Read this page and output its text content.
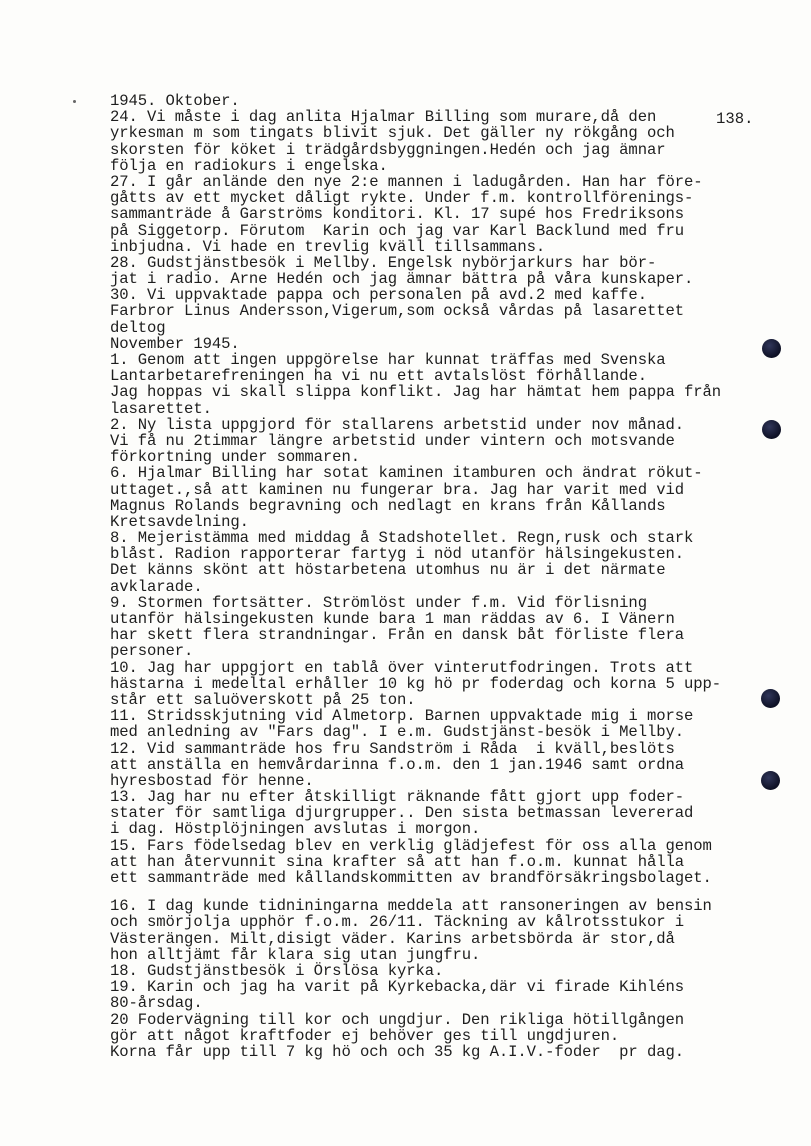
138.
1945. Oktober.
24. Vi måste i dag anlita Hjalmar Billing som murare,då den
yrkesman m som tingats blivit sjuk. Det gäller ny rökgång och
skorsten för köket i trädgårdsbyggningen.Hedén och jag ämnar
följa en radiokurs i engelska.
27. I går anlände den nye 2:e mannen i ladugården. Han har före-
gåtts av ett mycket dåligt rykte. Under f.m. kontrollförenings-
sammanträde å Garströms konditori. Kl. 17 supé hos Fredriksons
på Siggetorp. Förutom  Karin och jag var Karl Backlund med fru
inbjudna. Vi hade en trevlig kväll tillsammans.
28. Gudstjänstbesök i Mellby. Engelsk nybörjarkurs har bör-
jat i radio. Arne Hedén och jag ämnar bättra på våra kunskaper.
30. Vi uppvaktade pappa och personalen på avd.2 med kaffe.
Farbror Linus Andersson,Vigerum,som också vårdas på lasarettet
deltog
November 1945.
1. Genom att ingen uppgörelse har kunnat träffas med Svenska
Lantarbetarefreningen ha vi nu ett avtalslöst förhållande.
Jag hoppas vi skall slippa konflikt. Jag har hämtat hem pappa från
lasarettet.
2. Ny lista uppgjord för stallarens arbetstid under nov månad.
Vi få nu 2timmar längre arbetstid under vintern och motsvande
förkortning under sommaren.
6. Hjalmar Billing har sotat kaminen itamburen och ändrat rökut-
uttaget.,så att kaminen nu fungerar bra. Jag har varit med vid
Magnus Rolands begravning och nedlagt en krans från Kållands
Kretsavdelning.
8. Mejeristämma med middag å Stadshotellet. Regn,rusk och stark
blåst. Radion rapporterar fartyg i nöd utanför hälsingekusten.
Det känns skönt att höstarbetena utomhus nu är i det närmate
avklarade.
9. Stormen fortsätter. Strömlöst under f.m. Vid förlisning
utanför hälsingekusten kunde bara 1 man räddas av 6. I Vänern
har skett flera strandningar. Från en dansk båt förliste flera
personer.
10. Jag har uppgjort en tablå över vinterutfodringen. Trots att
hästarna i medeltal erhåller 10 kg hö pr foderdag och korna 5 upp-
står ett saluöverskott på 25 ton.
11. Stridsskjutning vid Almetorp. Barnen uppvaktade mig i morse
med anledning av "Fars dag". I e.m. Gudstjänst-besök i Mellby.
12. Vid sammanträde hos fru Sandström i Råda  i kväll,beslöts
att anställa en hemvårdarinna f.o.m. den 1 jan.1946 samt ordna
hyresbostad för henne.
13. Jag har nu efter åtskilligt räknande fått gjort upp foder-
stater för samtliga djurgrupper.. Den sista betmassan levererad
i dag. Höstplöjningen avslutas i morgon.
15. Fars födelsedag blev en verklig glädjefest för oss alla genom
att han återvunnit sina krafter så att han f.o.m. kunnat hålla
ett sammanträde med kållandskommitten av brandförsäkringsbolaget.
16. I dag kunde tidniningarna meddela att ransoneringen av bensin
och smörjolja upphör f.o.m. 26/11. Täckning av kålrotsstukor i
Västerängen. Milt,disigt väder. Karins arbetsbörda är stor,då
hon alltjämt får klara sig utan jungfru.
18. Gudstjänstbesök i Örslösa kyrka.
19. Karin och jag ha varit på Kyrkebacka,där vi firade Kihléns
80-årsdag.
20 Fodervägning till kor och ungdjur. Den rikliga hötillgången
gör att något kraftfoder ej behöver ges till ungdjuren.
Korna får upp till 7 kg hö och och 35 kg A.I.V.-foder  pr dag.
